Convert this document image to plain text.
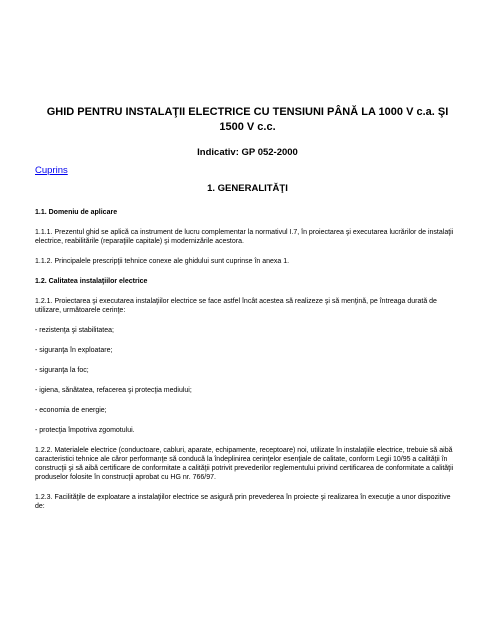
GHID PENTRU INSTALAŢII ELECTRICE CU TENSIUNI PÂNĂ LA 1000 V c.a. ŞI
1500 V c.c.
Indicativ: GP 052-2000
Cuprins
1. GENERALITĂŢI
1.1. Domeniu de aplicare

1.1.1. Prezentul ghid se aplică ca instrument de lucru complementar la normativul I.7, în proiectarea şi executarea lucrărilor de instalaţii electrice, reabilitările (reparaţiile capitale) şi modernizările acestora.

1.1.2. Principalele prescripţii tehnice conexe ale ghidului sunt cuprinse în anexa 1.

1.2. Calitatea instalaţiilor electrice

1.2.1. Proiectarea şi executarea instalaţiilor electrice se face astfel încât acestea să realizeze şi să menţină, pe întreaga durată de utilizare, următoarele cerinţe:

- rezistenţa şi stabilitatea;

- siguranţa în exploatare;

- siguranţa la foc;

- igiena, sănătatea, refacerea şi protecţia mediului;

- economia de energie;

- protecţia împotriva zgomotului.

1.2.2. Materialele electrice (conductoare, cabluri, aparate, echipamente, receptoare) noi, utilizate în instalaţiile electrice, trebuie să aibă caracteristici tehnice ale căror performanţe să conducă la îndeplinirea cerinţelor esenţiale de calitate, conform Legii 10/95 a calităţii în construcţii şi să aibă certificare de conformitate a calităţii potrivit prevederilor reglementului privind certificarea de conformitate a calităţii produselor folosite în construcţii aprobat cu HG nr. 766/97.

1.2.3. Facilităţile de exploatare a instalaţiilor electrice se asigură prin prevederea în proiecte şi realizarea în execuţie a unor dispozitive de:
